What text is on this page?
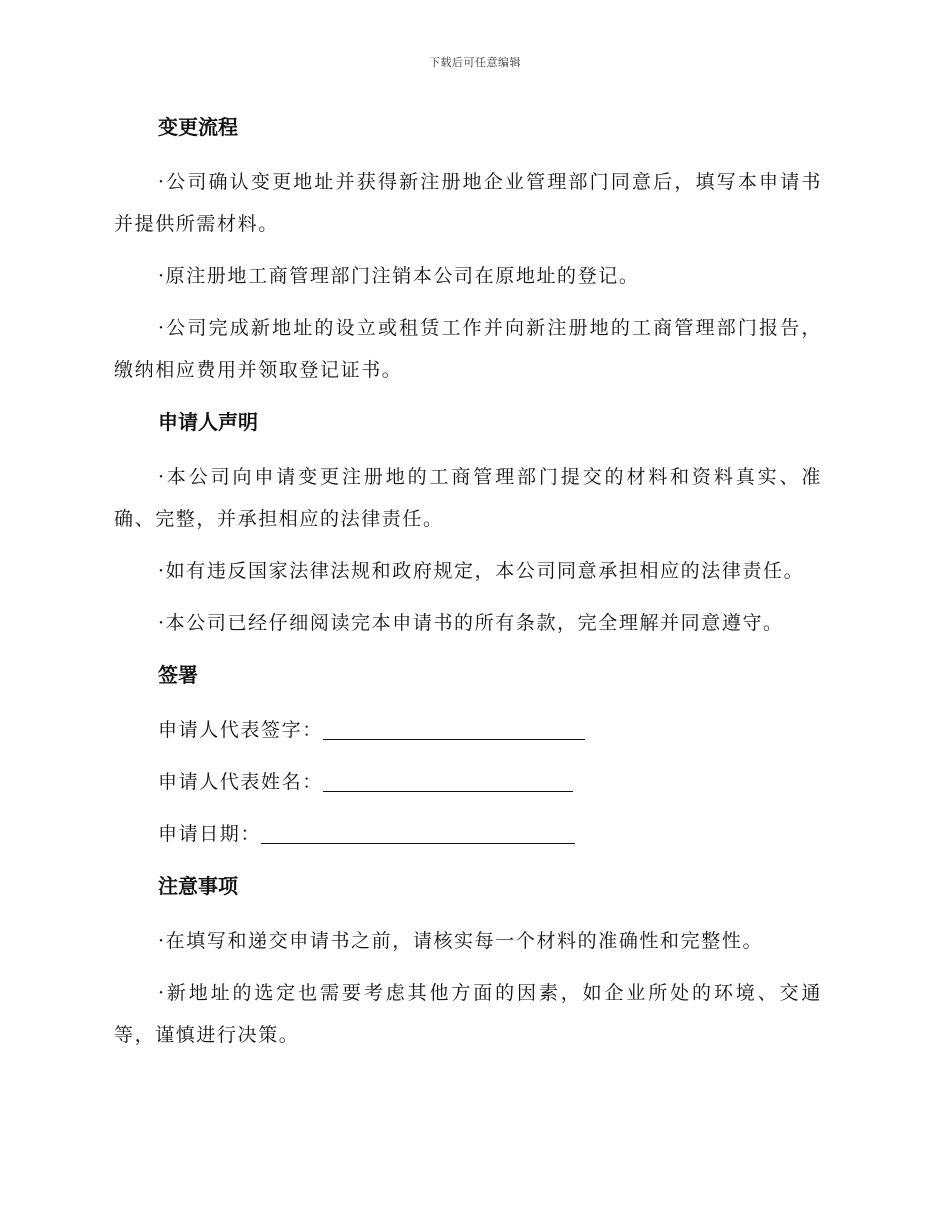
下载后可任意编辑
变更流程

·公司确认变更地址并获得新注册地企业管理部门同意后，填写本申请书并提供所需材料。

·原注册地工商管理部门注销本公司在原地址的登记。

·公司完成新地址的设立或租赁工作并向新注册地的工商管理部门报告，缴纳相应费用并领取登记证书。

申请人声明

·本公司向申请变更注册地的工商管理部门提交的材料和资料真实、准确、完整，并承担相应的法律责任。

·如有违反国家法律法规和政府规定，本公司同意承担相应的法律责任。

·本公司已经仔细阅读完本申请书的所有条款，完全理解并同意遵守。

签署
申请人代表签字：
申请人代表姓名：
申请日期：
注意事项

·在填写和递交申请书之前，请核实每一个材料的准确性和完整性。

·新地址的选定也需要考虑其他方面的因素，如企业所处的环境、交通等，谨慎进行决策。
